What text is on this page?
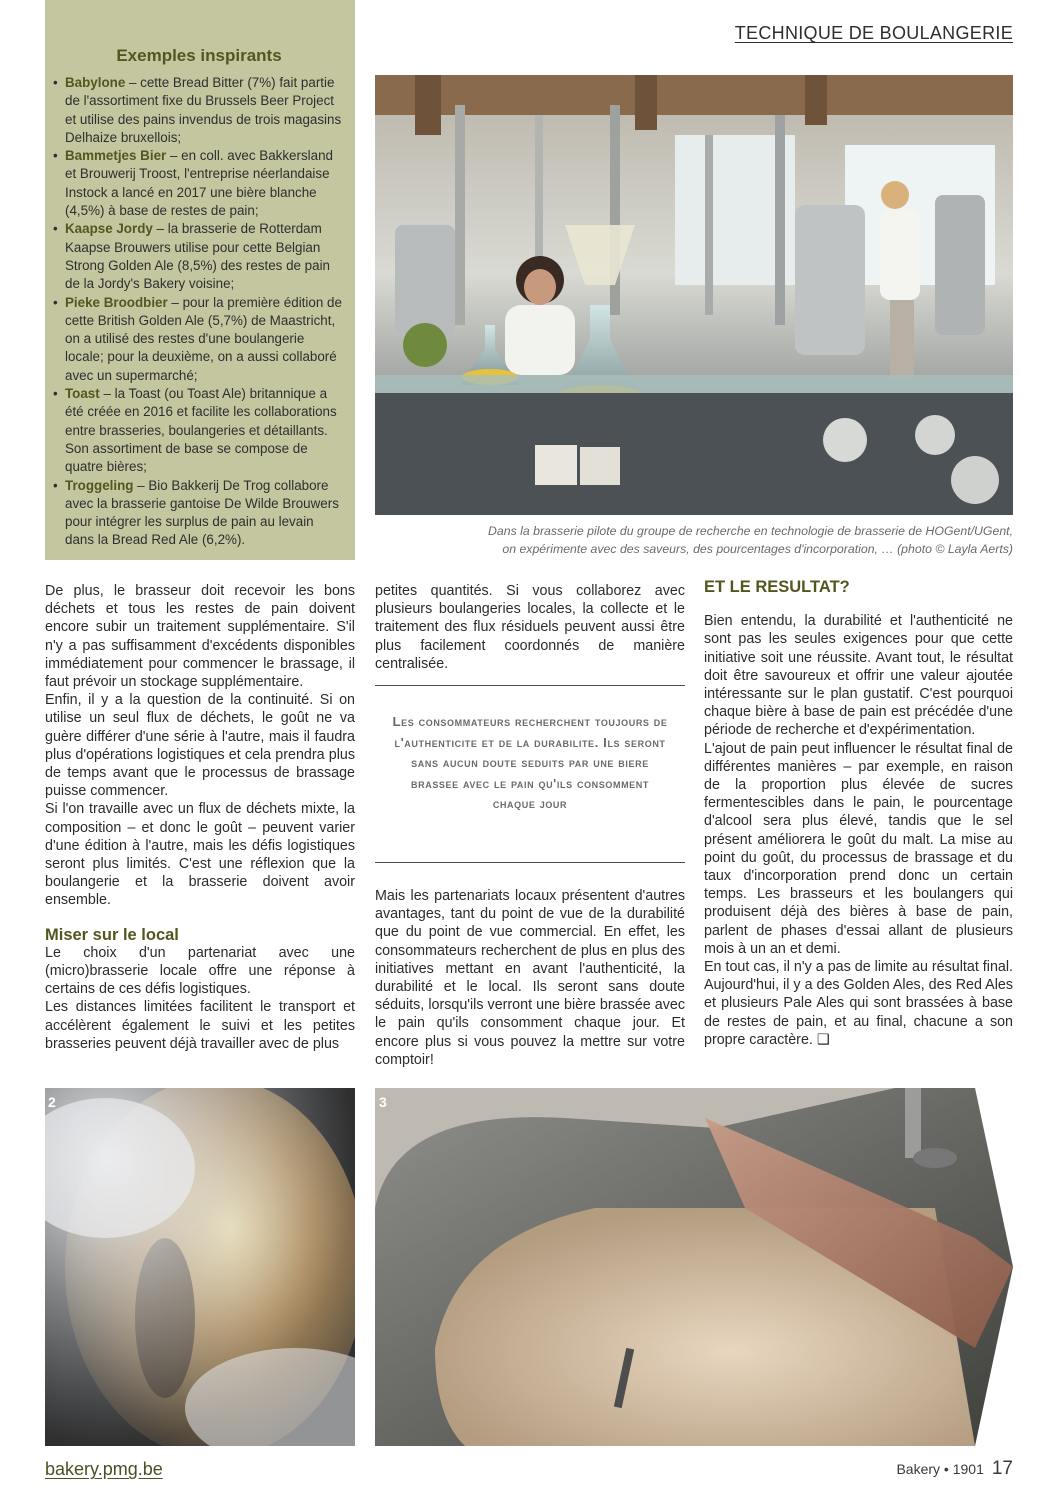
TECHNIQUE DE BOULANGERIE
Exemples inspirants
• Babylone – cette Bread Bitter (7%) fait partie de l'assortiment fixe du Brussels Beer Project et utilise des pains invendus de trois magasins Delhaize bruxellois;
• Bammetjes Bier – en coll. avec Bakkersland et Brouwerij Troost, l'entreprise néerlandaise Instock a lancé en 2017 une bière blanche (4,5%) à base de restes de pain;
• Kaapse Jordy – la brasserie de Rotterdam Kaapse Brouwers utilise pour cette Belgian Strong Golden Ale (8,5%) des restes de pain de la Jordy's Bakery voisine;
• Pieke Broodbier – pour la première édition de cette British Golden Ale (5,7%) de Maastricht, on a utilisé des restes d'une boulangerie locale; pour la deuxième, on a aussi collaboré avec un supermarché;
• Toast – la Toast (ou Toast Ale) britannique a été créée en 2016 et facilite les collaborations entre brasseries, boulangeries et détaillants. Son assortiment de base se compose de quatre bières;
• Troggeling – Bio Bakkerij De Trog collabore avec la brasserie gantoise De Wilde Brouwers pour intégrer les surplus de pain au levain dans la Bread Red Ale (6,2%).
Dans la brasserie pilote du groupe de recherche en technologie de brasserie de HOGent/UGent,
on expérimente avec des saveurs, des pourcentages d'incorporation, … (photo © Layla Aerts)

De plus, le brasseur doit recevoir les bons déchets et tous les restes de pain doivent encore subir un traitement supplémentaire. S'il n'y a pas suffisamment d'excédents disponibles immédiatement pour commencer le brassage, il faut prévoir un stockage supplémentaire.

Enfin, il y a la question de la continuité. Si on utilise un seul flux de déchets, le goût ne va guère différer d'une série à l'autre, mais il faudra plus d'opérations logistiques et cela prendra plus de temps avant que le processus de brassage puisse commencer.

Si l'on travaille avec un flux de déchets mixte, la composition – et donc le goût – peuvent varier d'une édition à l'autre, mais les défis logistiques seront plus limités. C'est une réflexion que la boulangerie et la brasserie doivent avoir ensemble.

Miser sur le local

Le choix d'un partenariat avec une (micro)brasserie locale offre une réponse à certains de ces défis logistiques.

Les distances limitées facilitent le transport et accélèrent également le suivi et les petites brasseries peuvent déjà travailler avec de plus

petites quantités. Si vous collaborez avec plusieurs boulangeries locales, la collecte et le traitement des flux résiduels peuvent aussi être plus facilement coordonnés de manière centralisée.

Les consommateurs recherchent toujours de l'authenticite et de la durabilite. Ils seront sans aucun doute seduits par une biere brassee avec le pain qu'ils consomment chaque jour

Mais les partenariats locaux présentent d'autres avantages, tant du point de vue de la durabilité que du point de vue commercial. En effet, les consommateurs recherchent de plus en plus des initiatives mettant en avant l'authenticité, la durabilité et le local. Ils seront sans doute séduits, lorsqu'ils verront une bière brassée avec le pain qu'ils consomment chaque jour. Et encore plus si vous pouvez la mettre sur votre comptoir!

ET LE RESULTAT?

Bien entendu, la durabilité et l'authenticité ne sont pas les seules exigences pour que cette initiative soit une réussite. Avant tout, le résultat doit être savoureux et offrir une valeur ajoutée intéressante sur le plan gustatif. C'est pourquoi chaque bière à base de pain est précédée d'une période de recherche et d'expérimentation.

L'ajout de pain peut influencer le résultat final de différentes manières – par exemple, en raison de la proportion plus élevée de sucres fermentescibles dans le pain, le pourcentage d'alcool sera plus élevé, tandis que le sel présent améliorera le goût du malt. La mise au point du goût, du processus de brassage et du taux d'incorporation prend donc un certain temps. Les brasseurs et les boulangers qui produisent déjà des bières à base de pain, parlent de phases d'essai allant de plusieurs mois à un an et demi.

En tout cas, il n'y a pas de limite au résultat final. Aujourd'hui, il y a des Golden Ales, des Red Ales et plusieurs Pale Ales qui sont brassées à base de restes de pain, et au final, chacune a son propre caractère. ❑

2	3
bakery.pmg.be	Bakery • 1901 17
